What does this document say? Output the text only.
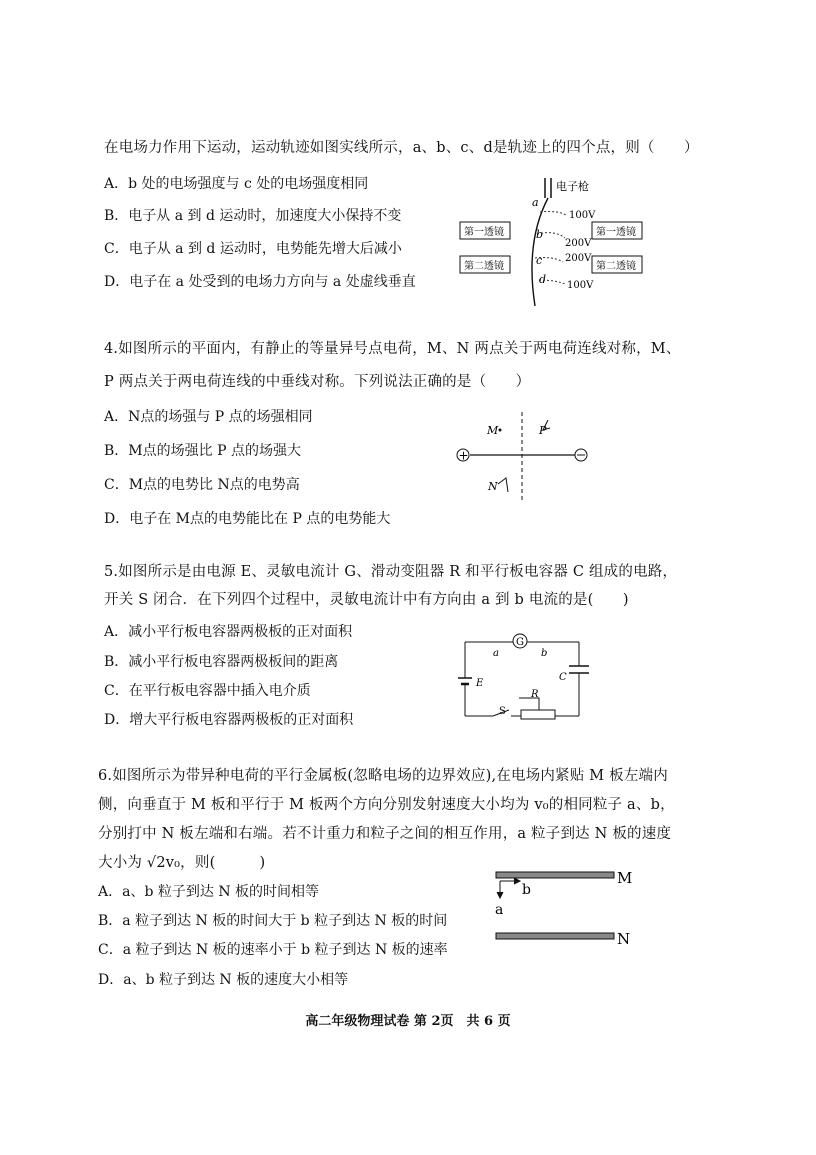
在电场力作用下运动，运动轨迹如图实线所示，a、b、c、d是轨迹上的四个点，则（　　）
A．b 处的电场强度与 c 处的电场强度相同
B．电子从 a 到 d 运动时，加速度大小保持不变
C．电子从 a 到 d 运动时，电势能先增大后减小
D．电子在 a 处受到的电场力方向与 a 处虚线垂直
电子枪
第一透镜	第一透镜
第二透镜	第二透镜
100V
200V
200V
100V
a
b
c
d
4.如图所示的平面内，有静止的等量异号点电荷，M、N 两点关于两电荷连线对称，M、
P 两点关于两电荷连线的中垂线对称。下列说法正确的是（　　）
A．N点的场强与 P 点的场强相同
B．M点的场强比 P 点的场强大
C．M点的电势比 N点的电势高
D．电子在 M点的电势能比在 P 点的电势能大
+
M	P
N
5.如图所示是由电源 E、灵敏电流计 G、滑动变阻器 R 和平行板电容器 C 组成的电路，
开关 S 闭合．在下列四个过程中，灵敏电流计中有方向由 a 到 b 电流的是(　　)
A．减小平行板电容器两极板的正对面积
B．减小平行板电容器两极板间的距离
C．在平行板电容器中插入电介质
D．增大平行板电容器两极板的正对面积
G
a	b
E
C
S
R
6.如图所示为带异种电荷的平行金属板(忽略电场的边界效应),在电场内紧贴 M 板左端内
侧，向垂直于 M 板和平行于 M 板两个方向分别发射速度大小均为 v₀的相同粒子 a、b，
分别打中 N 板左端和右端。若不计重力和粒子之间的相互作用，a 粒子到达 N 板的速度
大小为 √2v₀，则(　　　)
A．a、b 粒子到达 N 板的时间相等
B．a 粒子到达 N 板的时间大于 b 粒子到达 N 板的时间
C．a 粒子到达 N 板的速率小于 b 粒子到达 N 板的速率
D．a、b 粒子到达 N 板的速度大小相等
M
b
a
N
高二年级物理试卷 第 2页　共 6 页
